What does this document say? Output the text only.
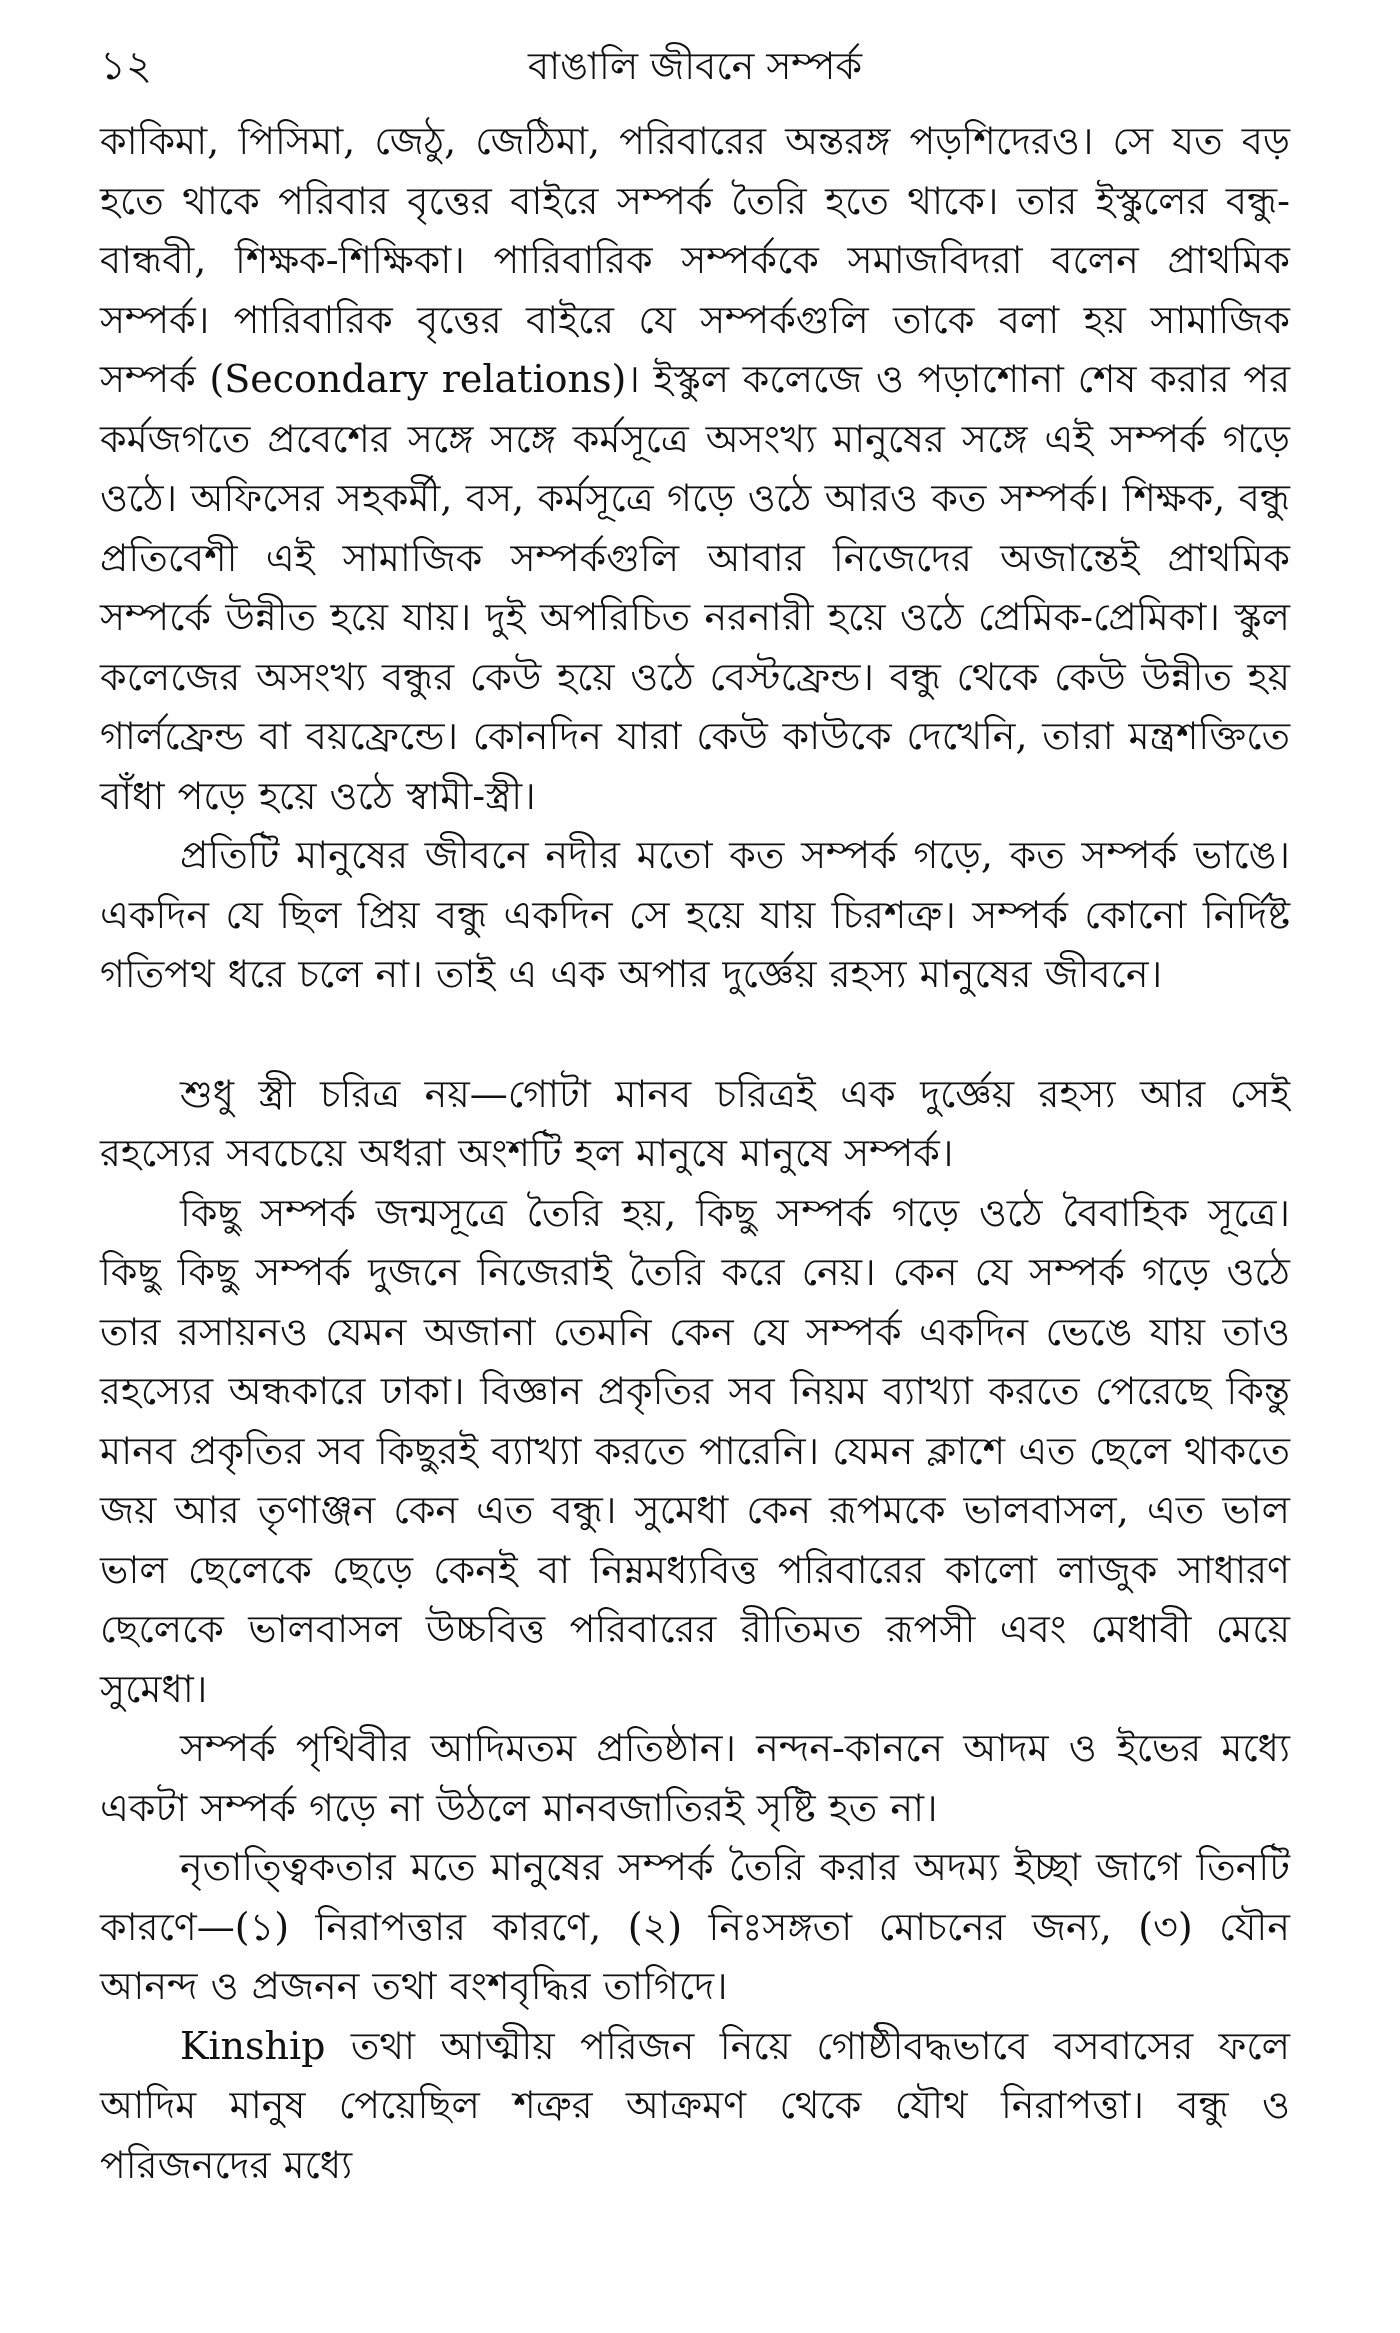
১২	বাঙালি জীবনে সম্পর্ক

কাকিমা, পিসিমা, জেঠু, জেঠিমা, পরিবারের অন্তরঙ্গ পড়শিদেরও। সে যত বড় হতে থাকে পরিবার বৃত্তের বাইরে সম্পর্ক তৈরি হতে থাকে। তার ইস্কুলের বন্ধু-বান্ধবী, শিক্ষক-শিক্ষিকা। পারিবারিক সম্পর্ককে সমাজবিদরা বলেন প্রাথমিক সম্পর্ক। পারিবারিক বৃত্তের বাইরে যে সম্পর্কগুলি তাকে বলা হয় সামাজিক সম্পর্ক (Secondary relations)। ইস্কুল কলেজে ও পড়াশোনা শেষ করার পর কর্মজগতে প্রবেশের সঙ্গে সঙ্গে কর্মসূত্রে অসংখ্য মানুষের সঙ্গে এই সম্পর্ক গড়ে ওঠে। অফিসের সহকর্মী, বস, কর্মসূত্রে গড়ে ওঠে আরও কত সম্পর্ক। শিক্ষক, বন্ধু প্রতিবেশী এই সামাজিক সম্পর্কগুলি আবার নিজেদের অজান্তেই প্রাথমিক সম্পর্কে উন্নীত হয়ে যায়। দুই অপরিচিত নরনারী হয়ে ওঠে প্রেমিক-প্রেমিকা। স্কুল কলেজের অসংখ্য বন্ধুর কেউ হয়ে ওঠে বেস্টফ্রেন্ড। বন্ধু থেকে কেউ উন্নীত হয় গার্লফ্রেন্ড বা বয়ফ্রেন্ডে। কোনদিন যারা কেউ কাউকে দেখেনি, তারা মন্ত্রশক্তিতে বাঁধা পড়ে হয়ে ওঠে স্বামী-স্ত্রী।

প্রতিটি মানুষের জীবনে নদীর মতো কত সম্পর্ক গড়ে, কত সম্পর্ক ভাঙে। একদিন যে ছিল প্রিয় বন্ধু একদিন সে হয়ে যায় চিরশত্রু। সম্পর্ক কোনো নির্দিষ্ট গতিপথ ধরে চলে না। তাই এ এক অপার দুর্জ্ঞেয় রহস্য মানুষের জীবনে।

শুধু স্ত্রী চরিত্র নয়—গোটা মানব চরিত্রই এক দুর্জ্ঞেয় রহস্য আর সেই রহস্যের সবচেয়ে অধরা অংশটি হল মানুষে মানুষে সম্পর্ক।

কিছু সম্পর্ক জন্মসূত্রে তৈরি হয়, কিছু সম্পর্ক গড়ে ওঠে বৈবাহিক সূত্রে। কিছু কিছু সম্পর্ক দুজনে নিজেরাই তৈরি করে নেয়। কেন যে সম্পর্ক গড়ে ওঠে তার রসায়নও যেমন অজানা তেমনি কেন যে সম্পর্ক একদিন ভেঙে যায় তাও রহস্যের অন্ধকারে ঢাকা। বিজ্ঞান প্রকৃতির সব নিয়ম ব্যাখ্যা করতে পেরেছে কিন্তু মানব প্রকৃতির সব কিছুরই ব্যাখ্যা করতে পারেনি। যেমন ক্লাশে এত ছেলে থাকতে জয় আর তৃণাঞ্জন কেন এত বন্ধু। সুমেধা কেন রূপমকে ভালবাসল, এত ভাল ভাল ছেলেকে ছেড়ে কেনই বা নিম্নমধ্যবিত্ত পরিবারের কালো লাজুক সাধারণ ছেলেকে ভালবাসল উচ্চবিত্ত পরিবারের রীতিমত রূপসী এবং মেধাবী মেয়ে সুমেধা।

সম্পর্ক পৃথিবীর আদিমতম প্রতিষ্ঠান। নন্দন-কাননে আদম ও ইভের মধ্যে একটা সম্পর্ক গড়ে না উঠলে মানবজাতিরই সৃষ্টি হত না।

নৃতাত্ত্বিকতার মতে মানুষের সম্পর্ক তৈরি করার অদম্য ইচ্ছা জাগে তিনটি কারণে—(১) নিরাপত্তার কারণে, (২) নিঃসঙ্গতা মোচনের জন্য, (৩) যৌন আনন্দ ও প্রজনন তথা বংশবৃদ্ধির তাগিদে।

Kinship তথা আত্মীয় পরিজন নিয়ে গোষ্ঠীবদ্ধভাবে বসবাসের ফলে আদিম মানুষ পেয়েছিল শত্রুর আক্রমণ থেকে যৌথ নিরাপত্তা। বন্ধু ও পরিজনদের মধ্যে
